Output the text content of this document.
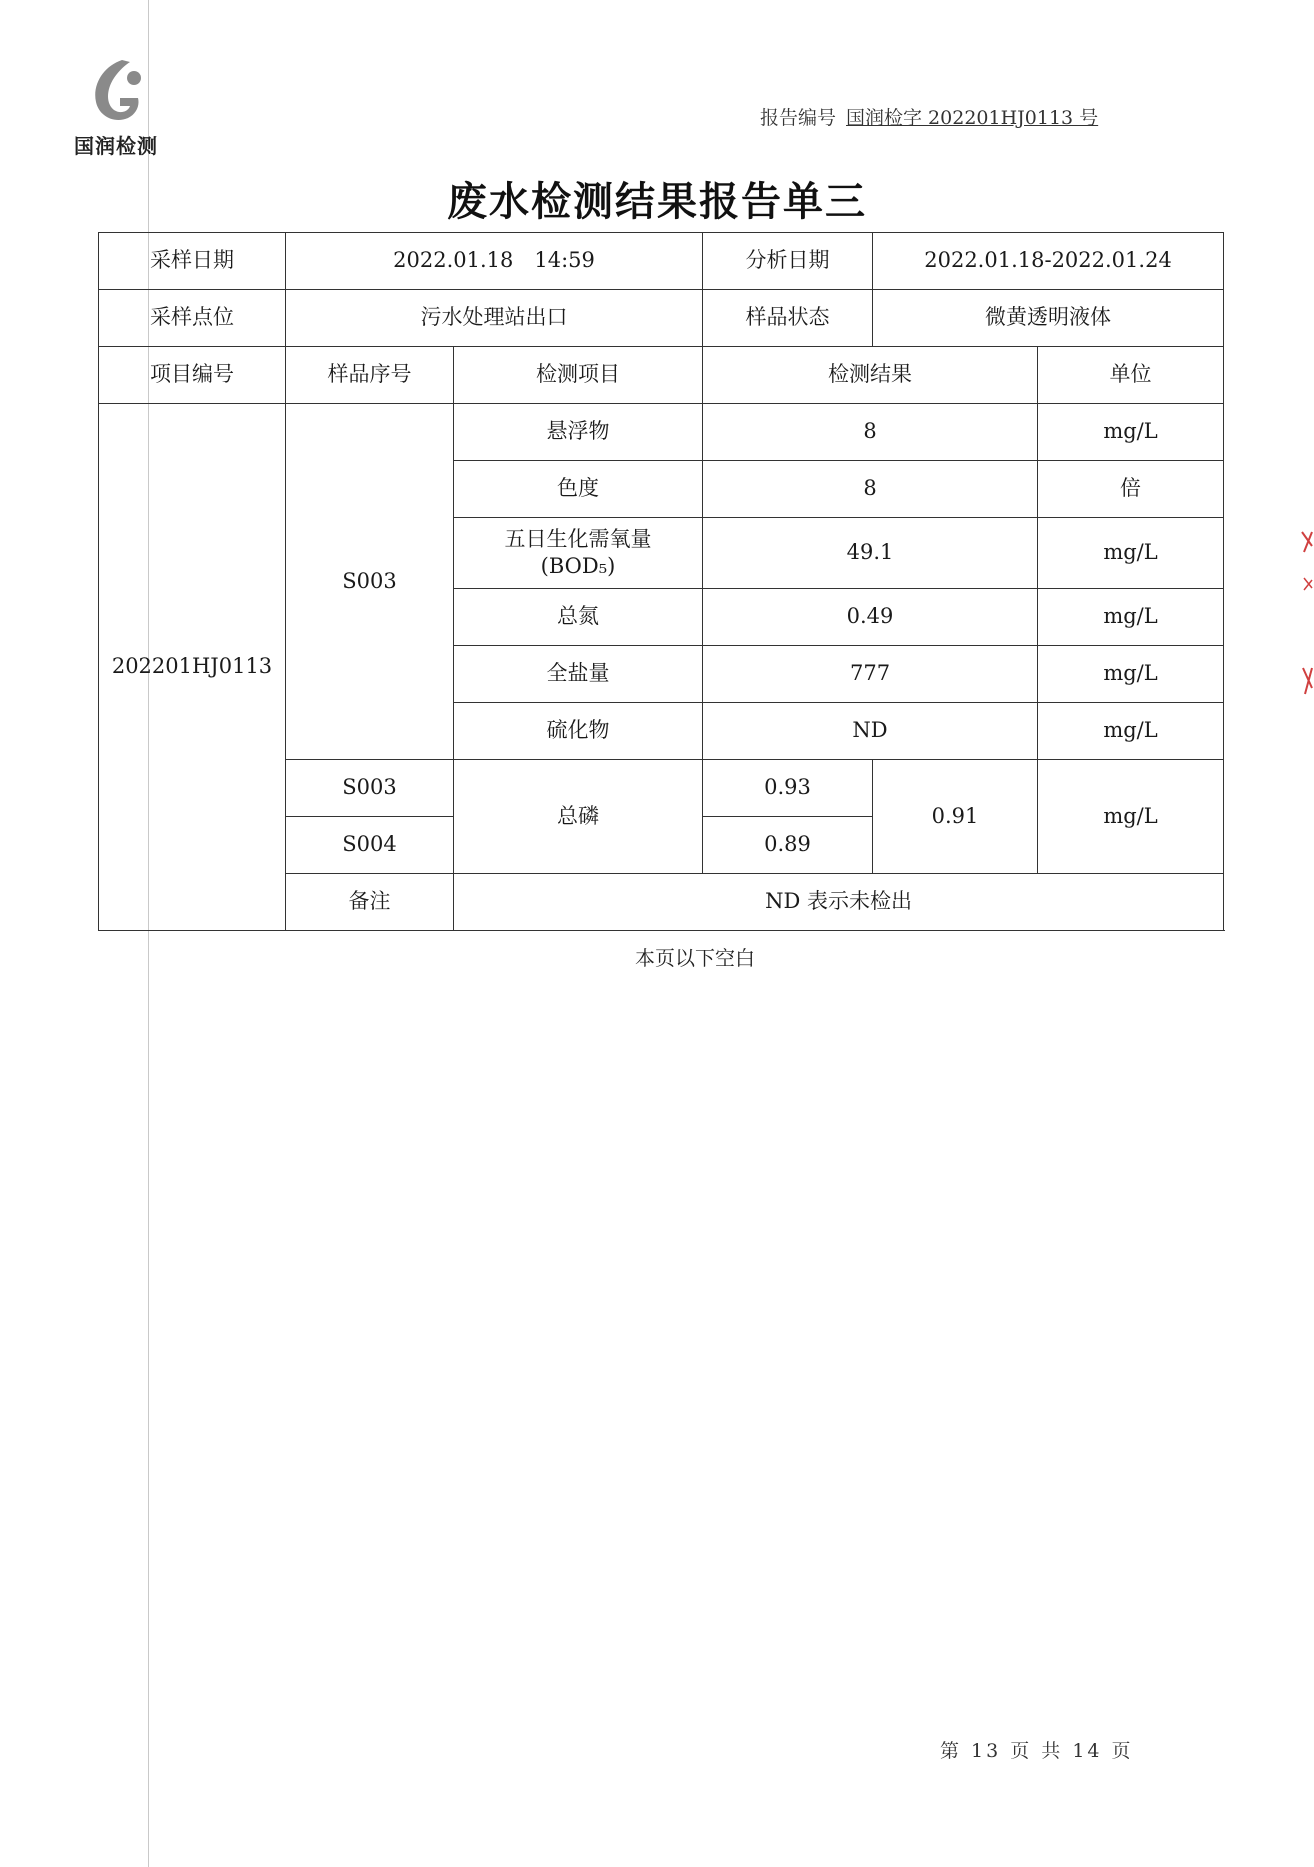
国润检测
报告编号 国润检字 202201HJ0113 号
废水检测结果报告单三
采样日期	2022.01.18　14:59		分析日期	2022.01.18-2022.01.24	
采样点位	污水处理站出口		样品状态	微黄透明液体	
项目编号	样品序号	检测项目	检测结果		单位
202201HJ0113	S003	悬浮物	8		mg/L
		色度	8		倍

		五日生化需氧量
(BOD₅)	49.1		mg/L
		总氮	0.49		mg/L
		全盐量	777		mg/L
		硫化物	ND		mg/L
	S003	总磷	0.93	0.91	mg/L
	S004		0.89		
	备注	ND 表示未检出			
本页以下空白
第 13 页 共 14 页
